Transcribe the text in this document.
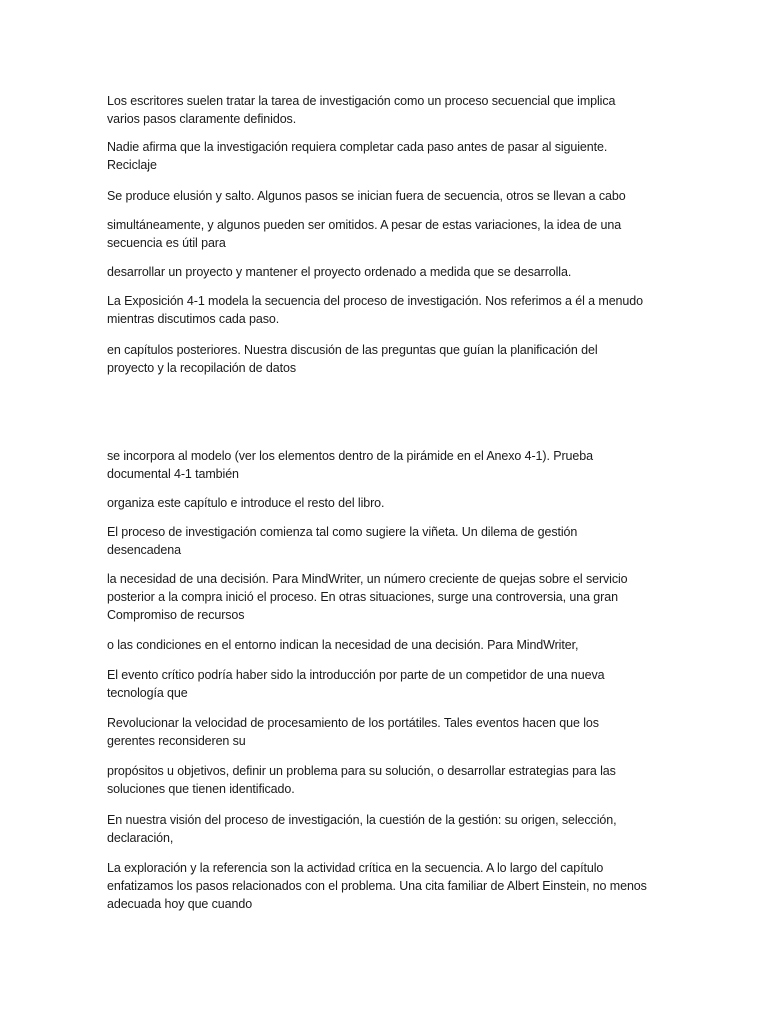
Los escritores suelen tratar la tarea de investigación como un proceso secuencial que implica
varios pasos claramente definidos.

Nadie afirma que la investigación requiera completar cada paso antes de pasar al siguiente.
Reciclaje

Se produce elusión y salto. Algunos pasos se inician fuera de secuencia, otros se llevan a cabo

simultáneamente, y algunos pueden ser omitidos. A pesar de estas variaciones, la idea de una
secuencia es útil para

desarrollar un proyecto y mantener el proyecto ordenado a medida que se desarrolla.

La Exposición 4-1 modela la secuencia del proceso de investigación. Nos referimos a él a menudo
mientras discutimos cada paso.

en capítulos posteriores. Nuestra discusión de las preguntas que guían la planificación del
proyecto y la recopilación de datos

se incorpora al modelo (ver los elementos dentro de la pirámide en el Anexo 4-1). Prueba
documental 4-1 también

organiza este capítulo e introduce el resto del libro.

El proceso de investigación comienza tal como sugiere la viñeta. Un dilema de gestión
desencadena

la necesidad de una decisión. Para MindWriter, un número creciente de quejas sobre el servicio
posterior a la compra inició el proceso. En otras situaciones, surge una controversia, una gran
Compromiso de recursos

o las condiciones en el entorno indican la necesidad de una decisión. Para MindWriter,

El evento crítico podría haber sido la introducción por parte de un competidor de una nueva
tecnología que

Revolucionar la velocidad de procesamiento de los portátiles. Tales eventos hacen que los
gerentes reconsideren su

propósitos u objetivos, definir un problema para su solución, o desarrollar estrategias para las
soluciones que tienen identificado.

En nuestra visión del proceso de investigación, la cuestión de la gestión: su origen, selección,
declaración,

La exploración y la referencia son la actividad crítica en la secuencia. A lo largo del capítulo
enfatizamos los pasos relacionados con el problema. Una cita familiar de Albert Einstein, no menos
adecuada hoy que cuando
